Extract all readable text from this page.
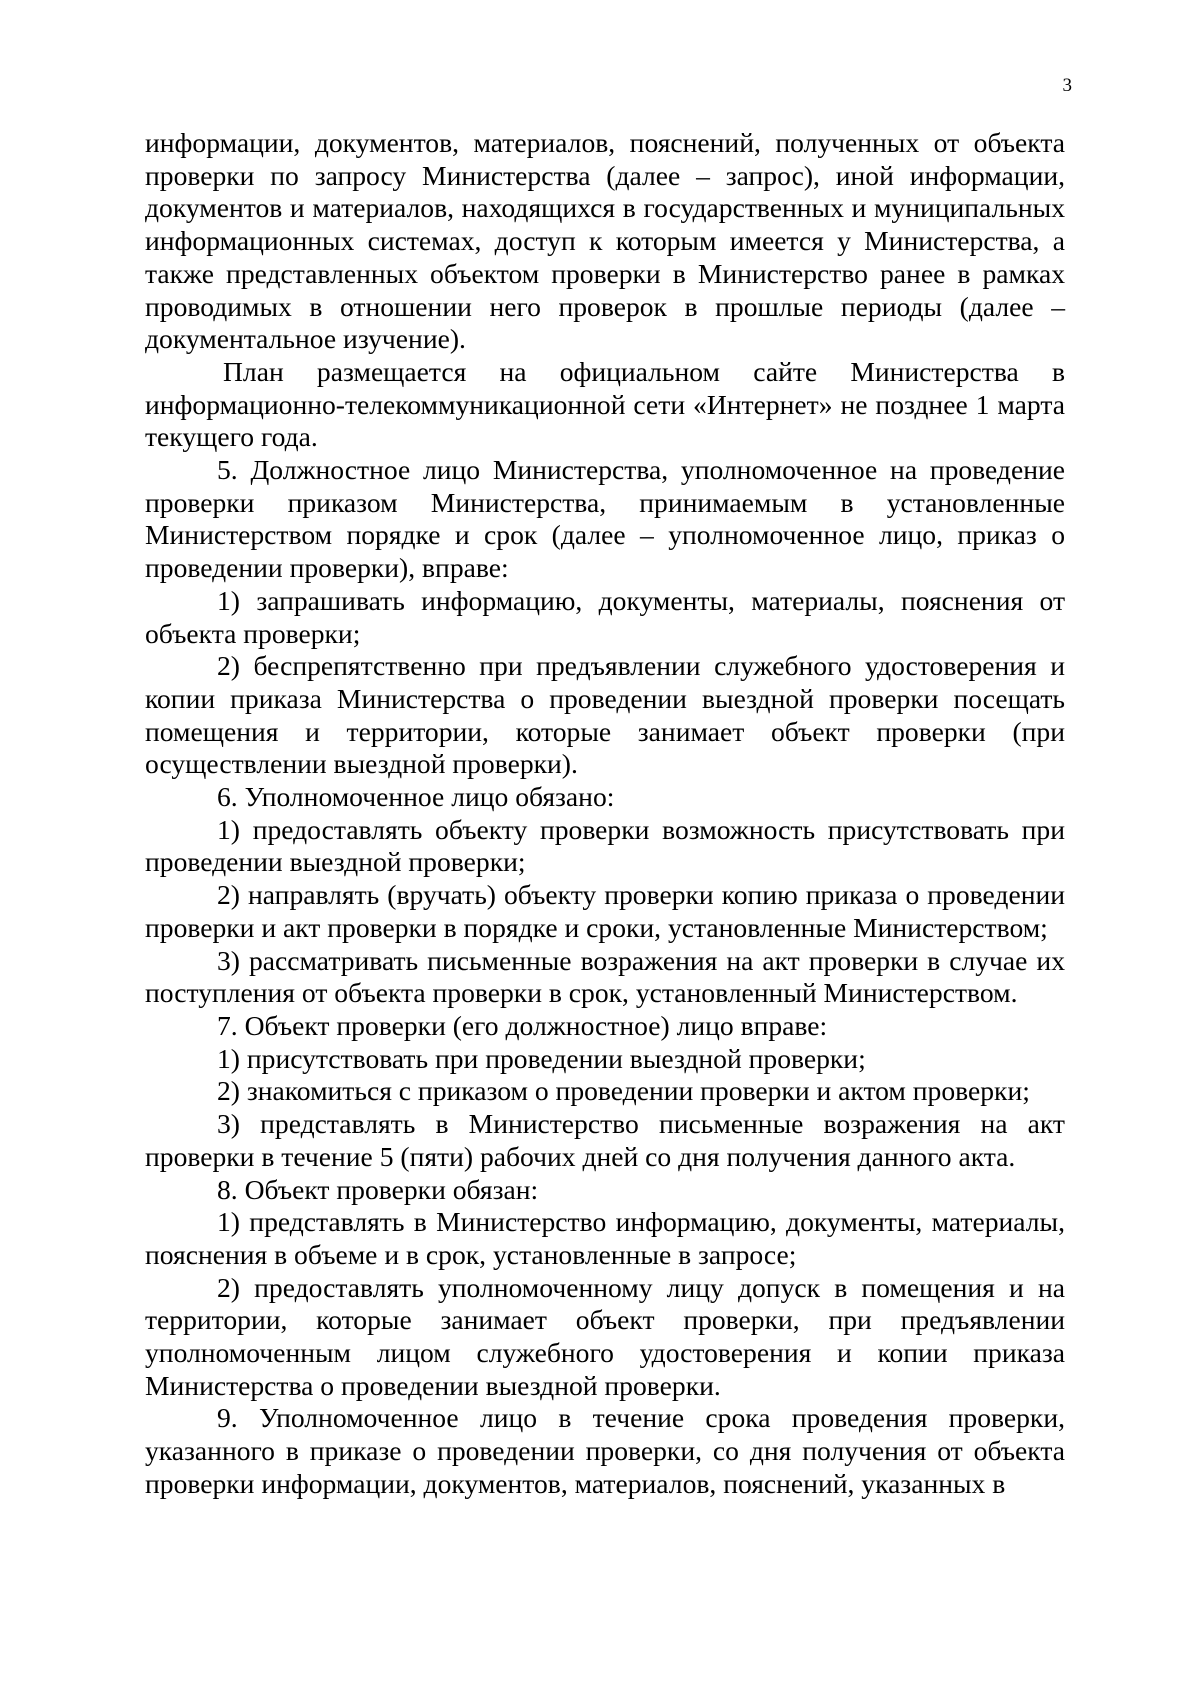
3

информации, документов, материалов, пояснений, полученных от объекта проверки по запросу Министерства (далее – запрос), иной информации, документов и материалов, находящихся в государственных и муниципальных информационных системах, доступ к которым имеется у Министерства, а также представленных объектом проверки в Министерство ранее в рамках проводимых в отношении него проверок в прошлые периоды (далее – документальное изучение).

План размещается на официальном сайте Министерства в информационно-телекоммуникационной сети «Интернет» не позднее 1 марта текущего года.

5. Должностное лицо Министерства, уполномоченное на проведение проверки приказом Министерства, принимаемым в установленные Министерством порядке и срок (далее – уполномоченное лицо, приказ о проведении проверки), вправе:

1) запрашивать информацию, документы, материалы, пояснения от объекта проверки;

2) беспрепятственно при предъявлении служебного удостоверения и копии приказа Министерства о проведении выездной проверки посещать помещения и территории, которые занимает объект проверки (при осуществлении выездной проверки).

6. Уполномоченное лицо обязано:

1) предоставлять объекту проверки возможность присутствовать при проведении выездной проверки;

2) направлять (вручать) объекту проверки копию приказа о проведении проверки и акт проверки в порядке и сроки, установленные Министерством;

3) рассматривать письменные возражения на акт проверки в случае их поступления от объекта проверки в срок, установленный Министерством.

7. Объект проверки (его должностное) лицо вправе:

1) присутствовать при проведении выездной проверки;

2) знакомиться с приказом о проведении проверки и актом проверки;

3) представлять в Министерство письменные возражения на акт проверки в течение 5 (пяти) рабочих дней со дня получения данного акта.

8. Объект проверки обязан:

1) представлять в Министерство информацию, документы, материалы, пояснения в объеме и в срок, установленные в запросе;

2) предоставлять уполномоченному лицу допуск в помещения и на территории, которые занимает объект проверки, при предъявлении уполномоченным лицом служебного удостоверения и копии приказа Министерства о проведении выездной проверки.

9. Уполномоченное лицо в течение срока проведения проверки, указанного в приказе о проведении проверки, со дня получения от объекта проверки информации, документов, материалов, пояснений, указанных в
